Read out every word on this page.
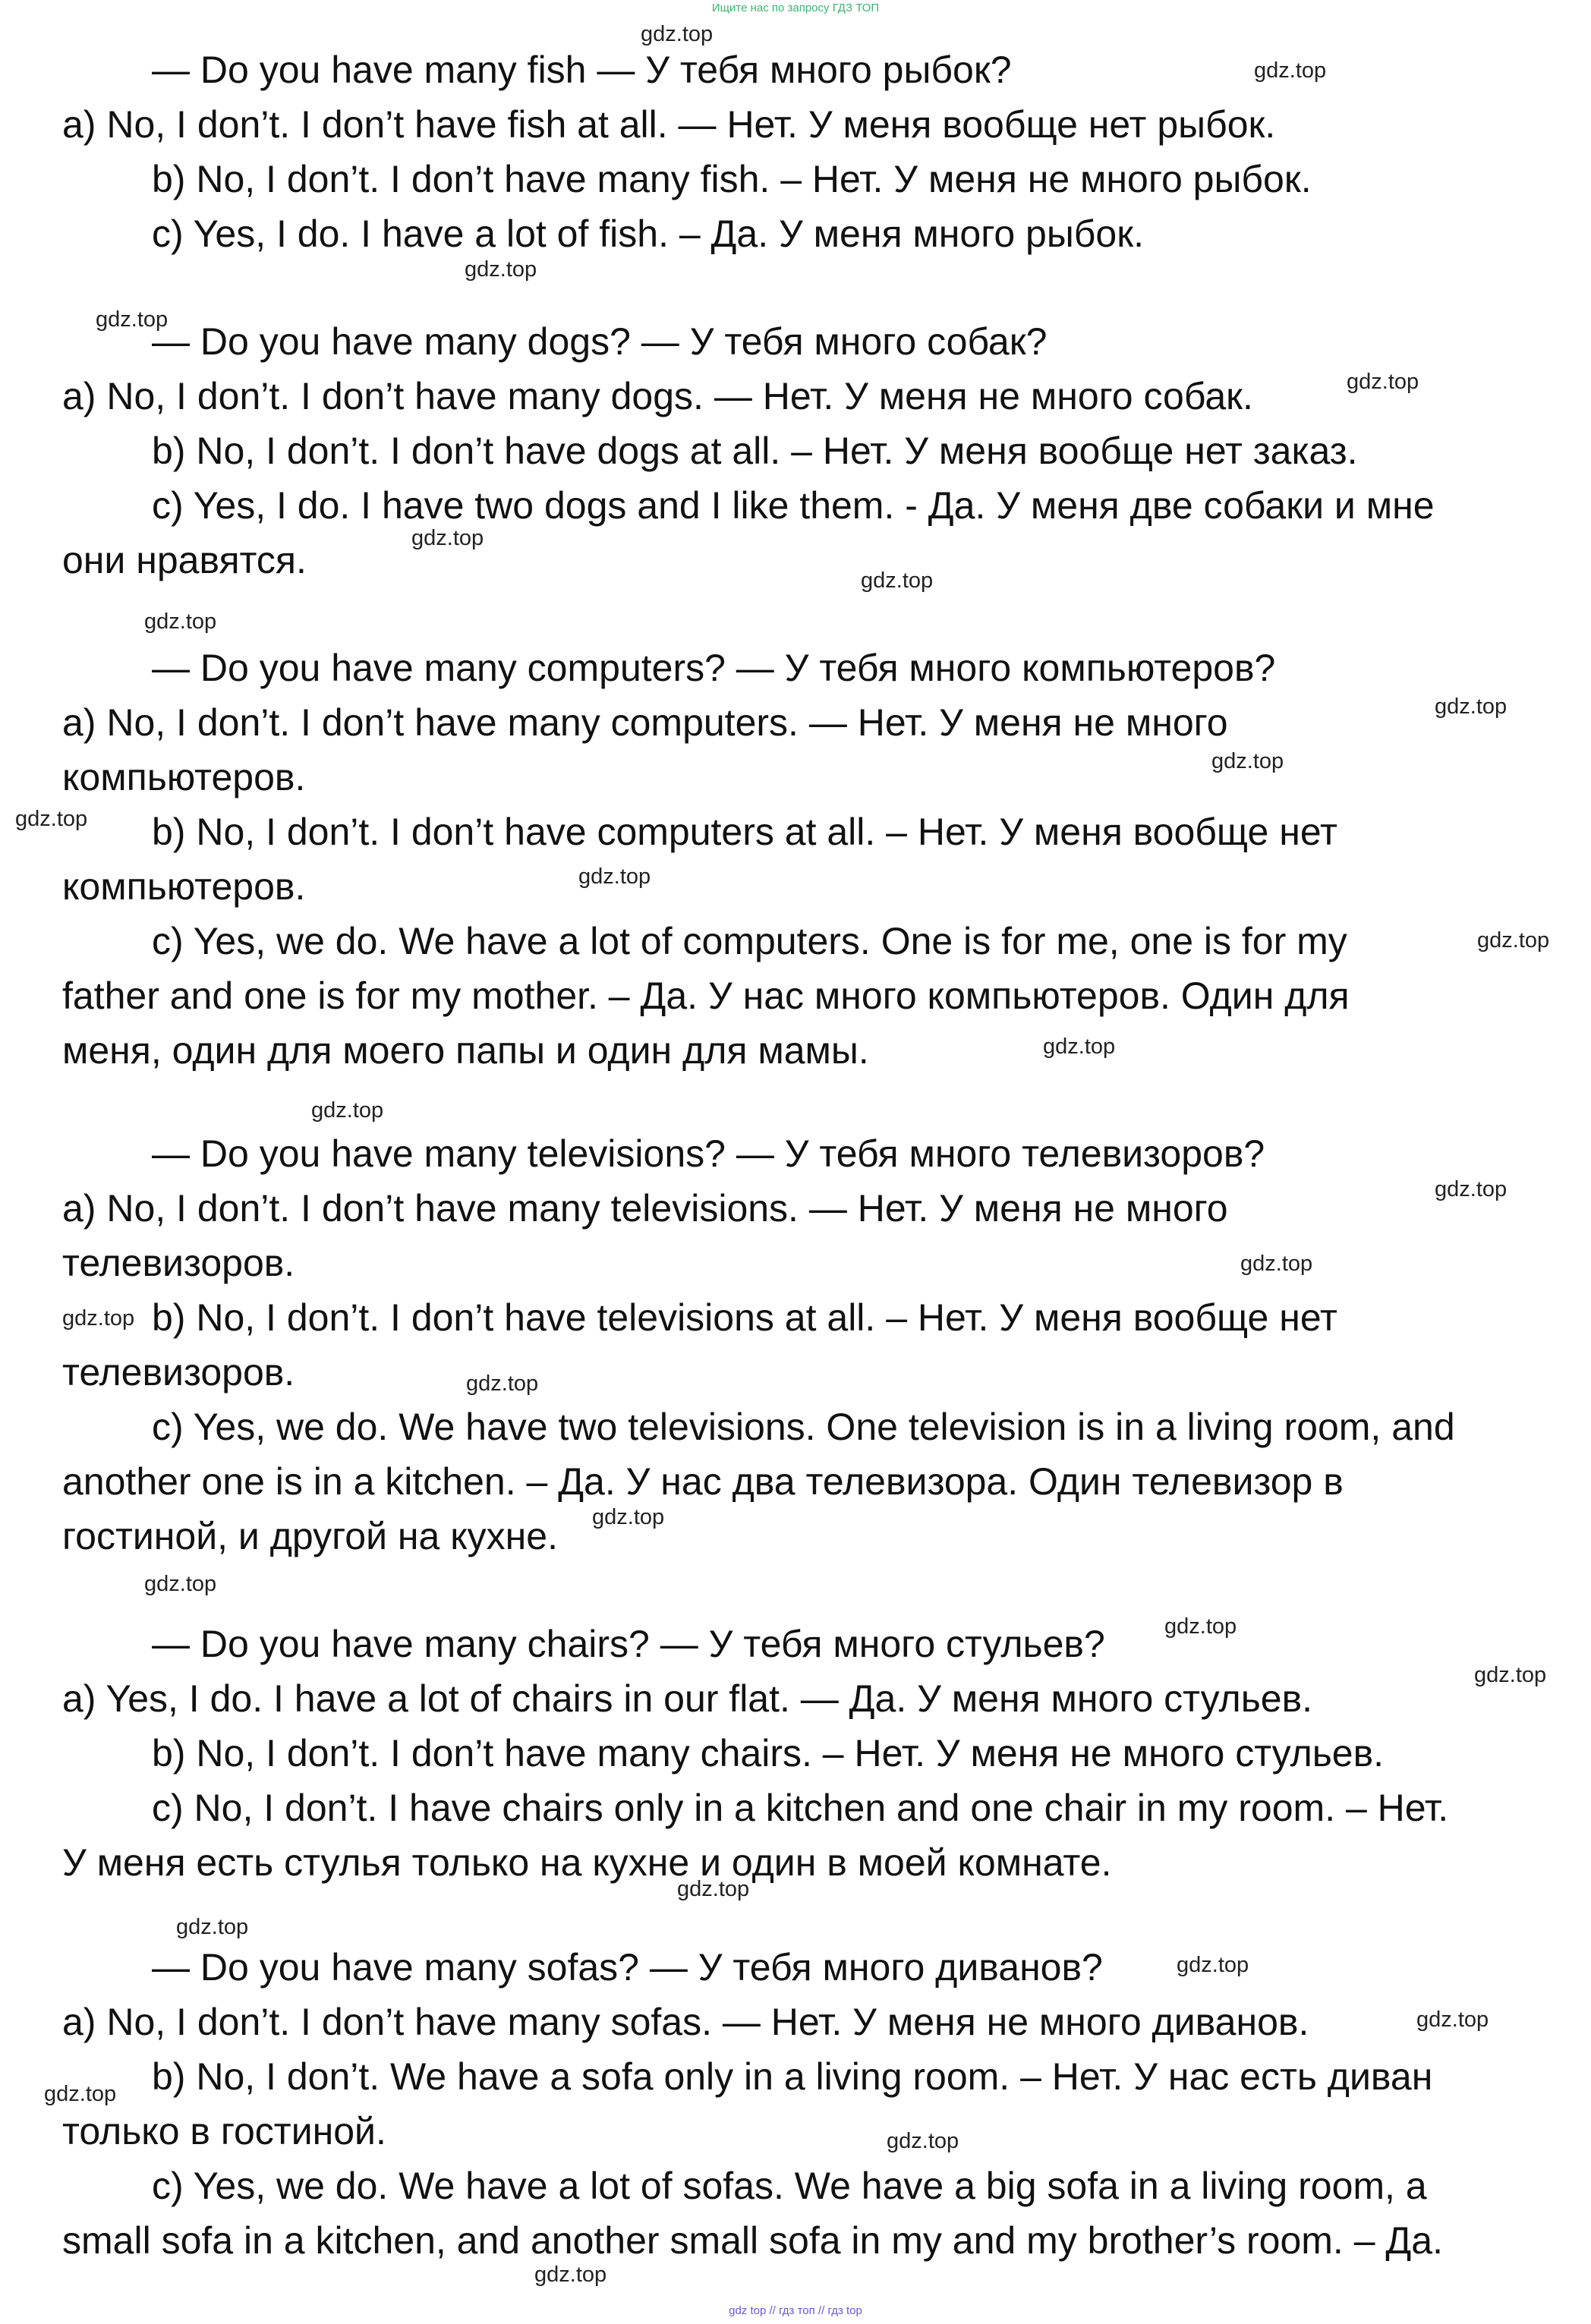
Ищите нас по запросу ГДЗ ТОП
— Do you have many fish — У тебя много рыбок?
a) No, I don’t. I don’t have fish at all. — Нет. У меня вообще нет рыбок.
b) No, I don’t. I don’t have many fish. – Нет. У меня не много рыбок.
c) Yes, I do. I have a lot of fish. – Да. У меня много рыбок.
— Do you have many dogs? — У тебя много собак?
a) No, I don’t. I don’t have many dogs. — Нет. У меня не много собак.
b) No, I don’t. I don’t have dogs at all. – Нет. У меня вообще нет заказ.
c) Yes, I do. I have two dogs and I like them. - Да. У меня две собаки и мне
они нравятся.
— Do you have many computers? — У тебя много компьютеров?
a) No, I don’t. I don’t have many computers. — Нет. У меня не много
компьютеров.
b) No, I don’t. I don’t have computers at all. – Нет. У меня вообще нет
компьютеров.
c) Yes, we do. We have a lot of computers. One is for me, one is for my
father and one is for my mother. – Да. У нас много компьютеров. Один для
меня, один для моего папы и один для мамы.
— Do you have many televisions? — У тебя много телевизоров?
a) No, I don’t. I don’t have many televisions. — Нет. У меня не много
телевизоров.
b) No, I don’t. I don’t have televisions at all. – Нет. У меня вообще нет
телевизоров.
c) Yes, we do. We have two televisions. One television is in a living room, and
another one is in a kitchen. – Да. У нас два телевизора. Один телевизор в
гостиной, и другой на кухне.
— Do you have many chairs? — У тебя много стульев?
a) Yes, I do. I have a lot of chairs in our flat. — Да. У меня много стульев.
b) No, I don’t. I don’t have many chairs. – Нет. У меня не много стульев.
c) No, I don’t. I have chairs only in a kitchen and one chair in my room. – Нет.
У меня есть стулья только на кухне и один в моей комнате.
— Do you have many sofas? — У тебя много диванов?
a) No, I don’t. I don’t have many sofas. — Нет. У меня не много диванов.
b) No, I don’t. We have a sofa only in a living room. – Нет. У нас есть диван
только в гостиной.
c) Yes, we do. We have a lot of sofas. We have a big sofa in a living room, a
small sofa in a kitchen, and another small sofa in my and my brother’s room. – Да.
gdz.top
gdz.top
gdz.top
gdz.top
gdz.top
gdz.top
gdz.top
gdz.top
gdz.top
gdz.top
gdz.top
gdz.top
gdz.top
gdz.top
gdz.top
gdz.top
gdz.top
gdz.top
gdz.top
gdz.top
gdz.top
gdz.top
gdz.top
gdz.top
gdz.top
gdz.top
gdz.top
gdz.top
gdz.top
gdz.top
gdz top // гдз топ // гдз top
